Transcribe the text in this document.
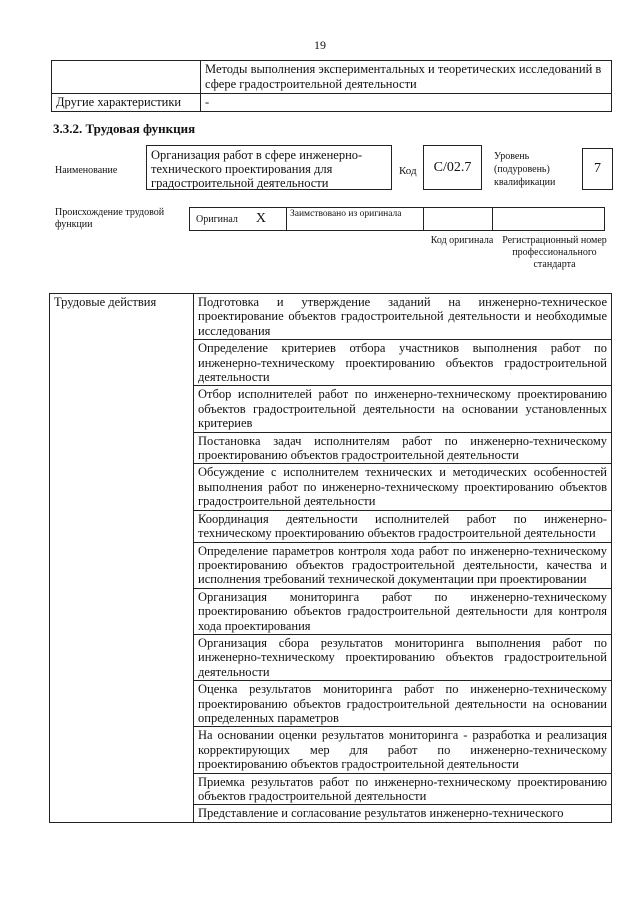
19
	Методы выполнения экспериментальных и теоретических исследований в сфере градостроительной деятельности
Другие характеристики	-
3.3.2. Трудовая функция
Наименование
Организация работ в сфере инженерно-технического проектирования для градостроительной деятельности
Код	С/02.7
Уровень (подуровень) квалификации
7
Происхождение трудовой функции	Оригинал X	Заимствовано из оригинала
Код оригинала Регистрационный номер профессионального стандарта
Трудовые действия	Подготовка и утверждение заданий на инженерно-техническое проектирование объектов градостроительной деятельности и необходимые исследования
Определение критериев отбора участников выполнения работ по инженерно-техническому проектированию объектов градостроительной деятельности
Отбор исполнителей работ по инженерно-техническому проектированию объектов градостроительной деятельности на основании установленных критериев
Постановка задач исполнителям работ по инженерно-техническому проектированию объектов градостроительной деятельности
Обсуждение с исполнителем технических и методических особенностей выполнения работ по инженерно-техническому проектированию объектов градостроительной деятельности
Координация деятельности исполнителей работ по инженерно-техническому проектированию объектов градостроительной деятельности
Определение параметров контроля хода работ по инженерно-техническому проектированию объектов градостроительной деятельности, качества и исполнения требований технической документации при проектировании
Организация мониторинга работ по инженерно-техническому проектированию объектов градостроительной деятельности для контроля хода проектирования
Организация сбора результатов мониторинга выполнения работ по инженерно-техническому проектированию объектов градостроительной деятельности
Оценка результатов мониторинга работ по инженерно-техническому проектированию объектов градостроительной деятельности на основании определенных параметров
На основании оценки результатов мониторинга - разработка и реализация корректирующих мер для работ по инженерно-техническому проектированию объектов градостроительной деятельности
Приемка результатов работ по инженерно-техническому проектированию объектов градостроительной деятельности
Представление и согласование результатов инженерно-технического
